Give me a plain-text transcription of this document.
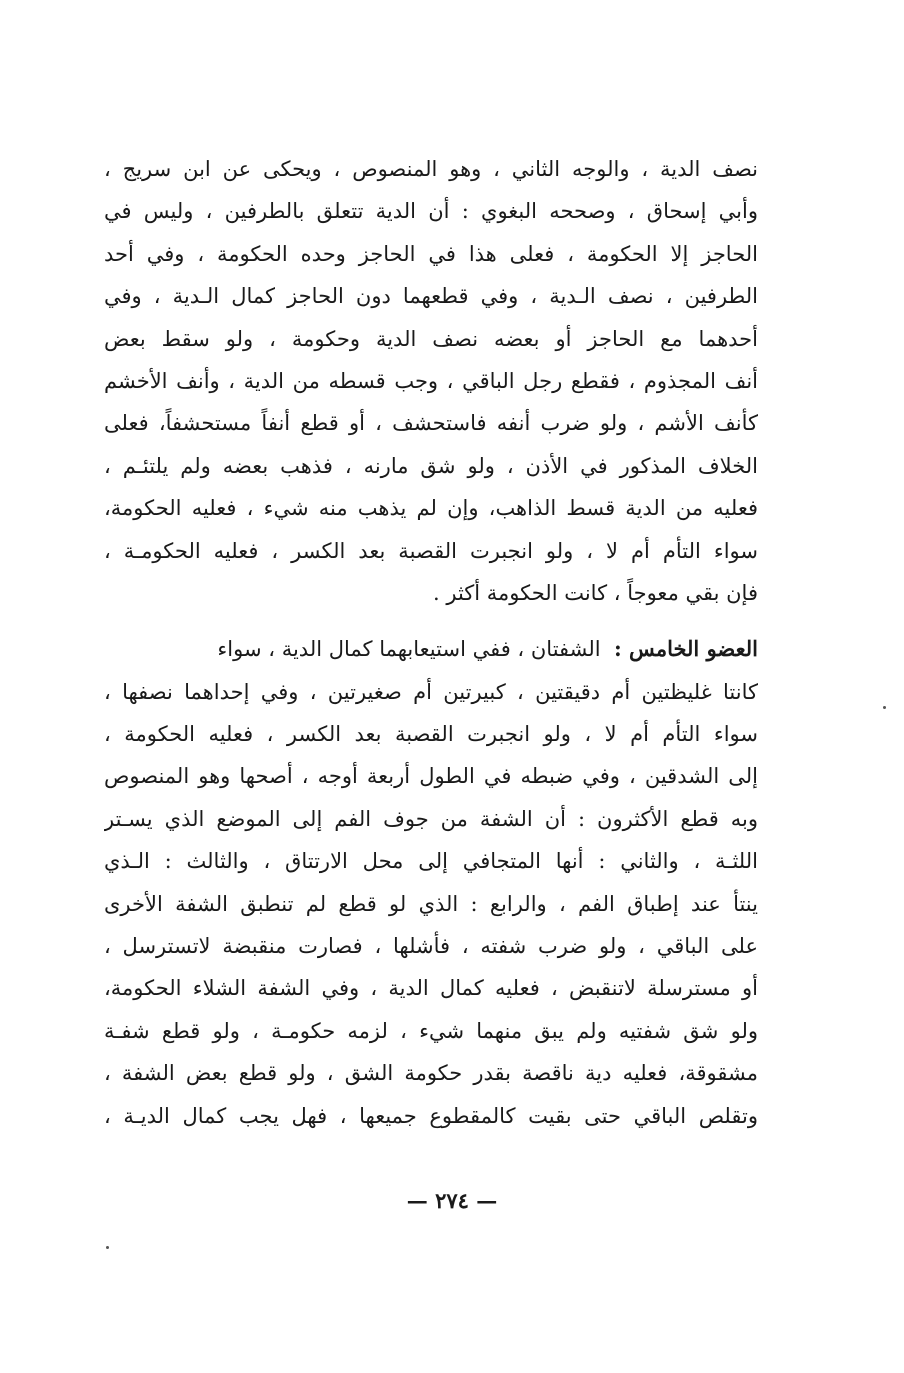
نصف الدية ، والوجه الثاني ، وهو المنصوص ، ويحكى عن ابن سريج ،
وأبي إسحاق ، وصححه البغوي : أن الدية تتعلق بالطرفين ، وليس في
الحاجز إلا الحكومة ، فعلى هذا في الحاجز وحده الحكومة ، وفي أحد
الطرفين ، نصف الـدية ، وفي قطعهما دون الحاجز كمال الـدية ، وفي
أحدهما مع الحاجز أو بعضه نصف الدية وحكومة ، ولو سقط بعض
أنف المجذوم ، فقطع رجل الباقي ، وجب قسطه من الدية ، وأنف الأخشم
كأنف الأشم ، ولو ضرب أنفه فاستحشف ، أو قطع أنفاً مستحشفاً، فعلى
الخلاف المذكور في الأذن ، ولو شق مارنه ، فذهب بعضه ولم يلتئـم ،
فعليه من الدية قسط الذاهب، وإن لم يذهب منه شيء ، فعليه الحكومة،
سواء التأم أم لا ، ولو انجبرت القصبة بعد الكسر ، فعليه الحكومـة ،
فإن بقي معوجاً ، كانت الحكومة أكثر .
العضو الخامس :  الشفتان ، ففي استيعابهما كمال الدية ، سواء
كانتا غليظتين أم دقيقتين ، كبيرتين أم صغيرتين ، وفي إحداهما نصفها ،
سواء التأم أم لا ، ولو انجبرت القصبة بعد الكسر ، فعليه الحكومة ،
إلى الشدقين ، وفي ضبطه في الطول أربعة أوجه ، أصحها وهو المنصوص
وبه قطع الأكثرون : أن الشفة من جوف الفم إلى الموضع الذي يسـتر
اللثـة ، والثاني : أنها المتجافي إلى محل الارتتاق ، والثالث : الـذي
ينتأ عند إطباق الفم ، والرابع : الذي لو قطع لم تنطبق الشفة الأخرى
على الباقي ، ولو ضرب شفته ، فأشلها ، فصارت منقبضة لاتسترسل ،
أو مسترسلة لاتنقبض ، فعليه كمال الدية ، وفي الشفة الشلاء الحكومة،
ولو شق شفتيه ولم يبق منهما شيء ، لزمه حكومـة ، ولو قطع شفـة
مشقوقة، فعليه دية ناقصة بقدر حكومة الشق ، ولو قطع بعض الشفة ،
وتقلص الباقي حتى بقيت كالمقطوع جميعها ، فهل يجب كمال الديـة ،
— ٢٧٤ —
